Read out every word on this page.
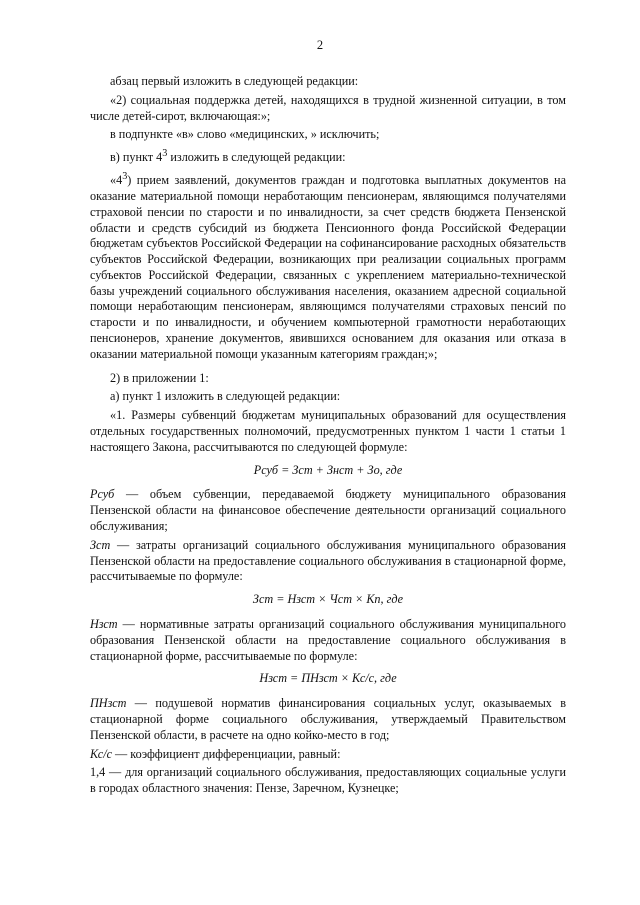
2

абзац первый изложить в следующей редакции:

«2) социальная поддержка детей, находящихся в трудной жизненной ситуации, в том числе детей-сирот, включающая:»;

в подпункте «в» слово «медицинских, » исключить;

в) пункт $4^3$ изложить в следующей редакции:

«$4^3$) прием заявлений, документов граждан и подготовка выплатных документов на оказание материальной помощи неработающим пенсионерам, являющимся получателями страховой пенсии по старости и по инвалидности, за счет средств бюджета Пензенской области и средств субсидий из бюджета Пенсионного фонда Российской Федерации бюджетам субъектов Российской Федерации на софинансирование расходных обязательств субъектов Российской Федерации, возникающих при реализации социальных программ субъектов Российской Федерации, связанных с укреплением материально-технической базы учреждений социального обслуживания населения, оказанием адресной социальной помощи неработающим пенсионерам, являющимся получателями страховых пенсий по старости и по инвалидности, и обучением компьютерной грамотности неработающих пенсионеров, хранение документов, явившихся основанием для оказания или отказа в оказании материальной помощи указанным категориям граждан;»;

2) в приложении 1:

а) пункт 1 изложить в следующей редакции:

«1. Размеры субвенций бюджетам муниципальных образований для осуществления отдельных государственных полномочий, предусмотренных пунктом 1 части 1 статьи 1 настоящего Закона, рассчитываются по следующей формуле:

Pсуб = Зст + Знст + Зо, где

Pсуб — объем субвенции, передаваемой бюджету муниципального образования Пензенской области на финансовое обеспечение деятельности организаций социального обслуживания;

Зст — затраты организаций социального обслуживания муниципального образования Пензенской области на предоставление социального обслуживания в стационарной форме, рассчитываемые по формуле:

Зст = Нзст × Чст × Кп, где

Нзст — нормативные затраты организаций социального обслуживания муниципального образования Пензенской области на предоставление социального обслуживания в стационарной форме, рассчитываемые по формуле:

Нзст = ПНзст × Кс/с, где

ПНзст — подушевой норматив финансирования социальных услуг, оказываемых в стационарной форме социального обслуживания, утверждаемый Правительством Пензенской области, в расчете на одно койко-место в год;

Кс/с — коэффициент дифференциации, равный:

1,4 — для организаций социального обслуживания, предоставляющих социальные услуги в городах областного значения: Пензе, Заречном, Кузнецке;
